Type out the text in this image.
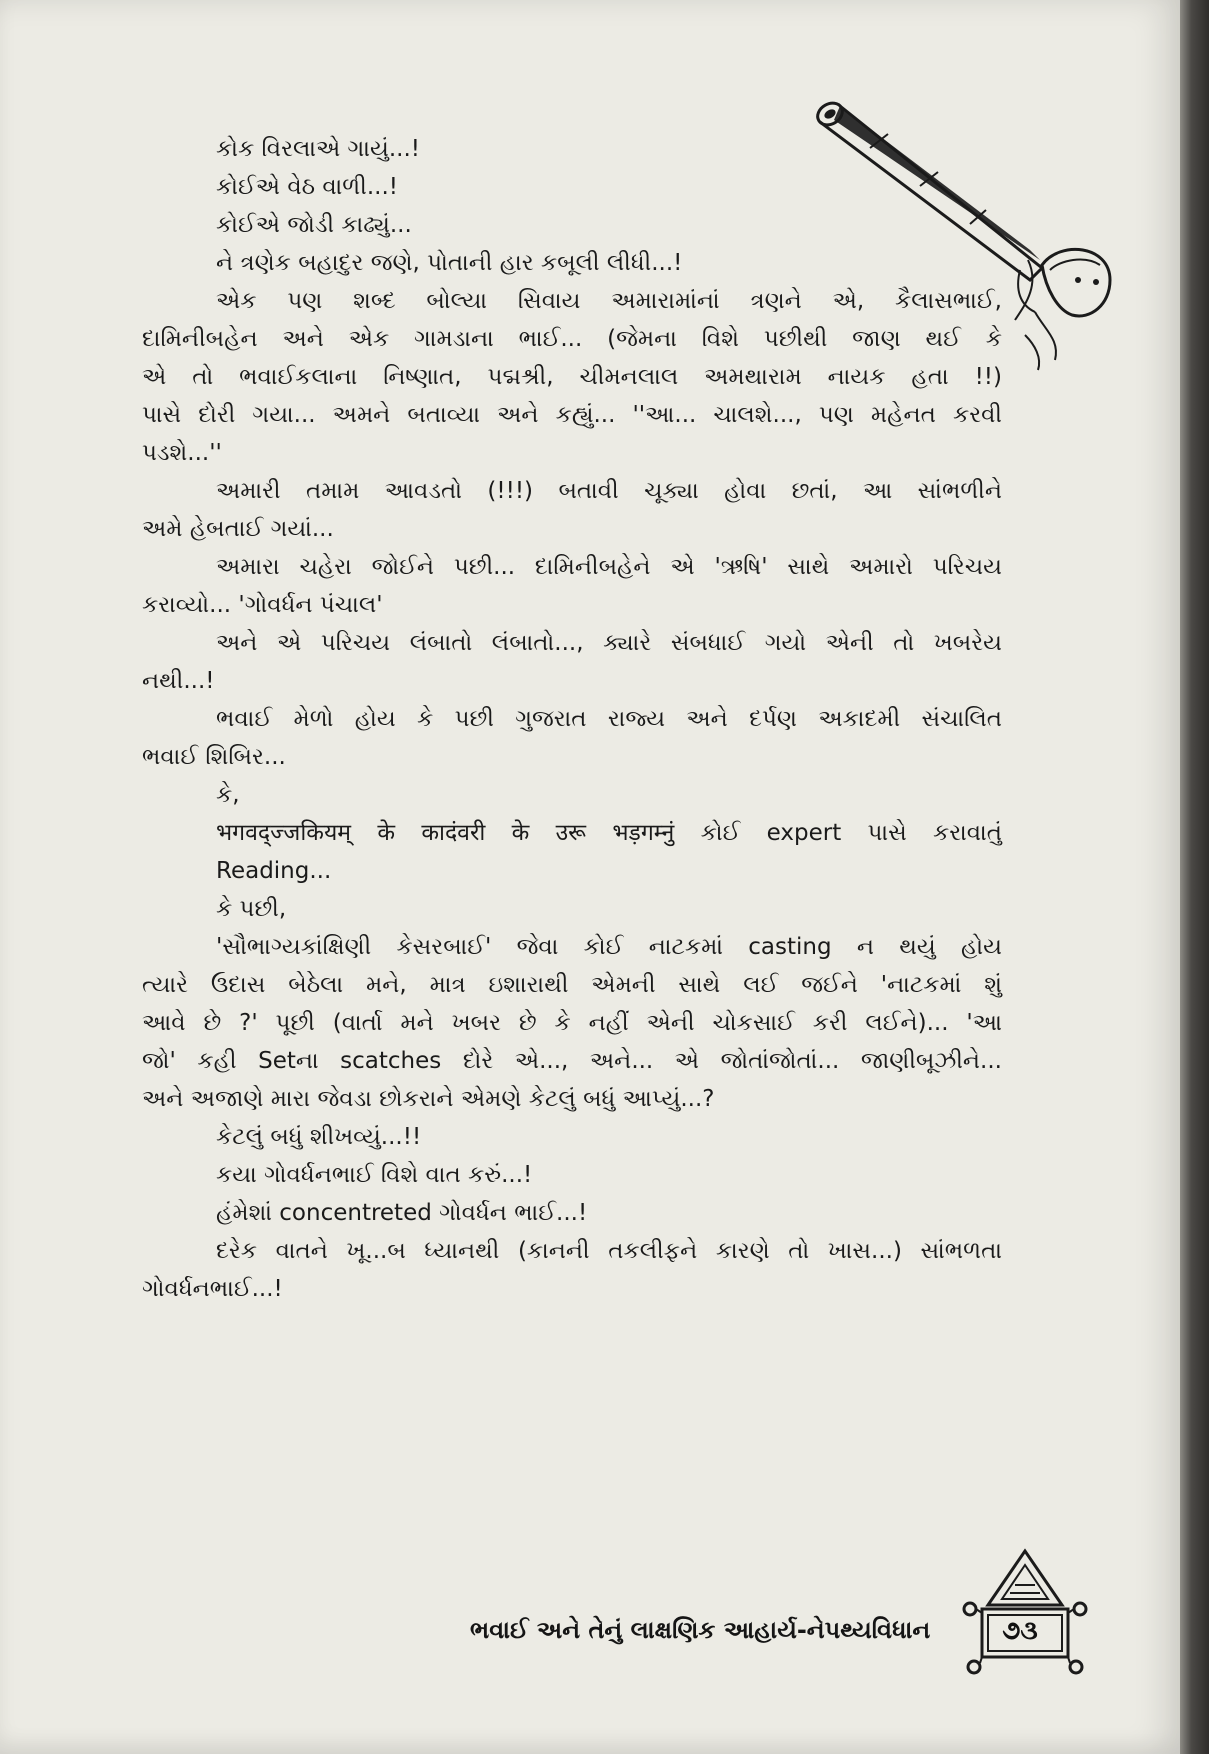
કોક વિરલાએ ગાયું...!
કોઈએ વેઠ વાળી...!
કોઈએ જોડી કાઢ્યું...
ને ત્રણેક બહાદુર જણે, પોતાની હાર કબૂલી લીધી...!
એક પણ શબ્દ બોલ્યા સિવાય અમારામાંનાં ત્રણને એ, કૈલાસભાઈ,
દામિનીબહેન અને એક ગામડાના ભાઈ... (જેમના વિશે પછીથી જાણ થઈ કે
એ તો ભવાઈકલાના નિષ્ણાત, પદ્મશ્રી, ચીમનલાલ અમથારામ નાયક હતા !!)
પાસે દોરી ગયા... અમને બતાવ્યા અને કહ્યું... ''આ... ચાલશે..., પણ મહેનત કરવી
પડશે...''
અમારી તમામ આવડતો (!!!) બતાવી ચૂક્યા હોવા છતાં, આ સાંભળીને
અમે હેબતાઈ ગયાં...
અમારા ચહેરા જોઈને પછી... દામિનીબહેને એ 'ઋષિ' સાથે અમારો પરિચય
કરાવ્યો... 'ગોવર્ધન પંચાલ'
અને એ પરિચય લંબાતો લંબાતો..., ક્યારે સંબધાઈ ગયો એની તો ખબરેય
નથી...!
ભવાઈ મેળો હોય કે પછી ગુજરાત રાજ્ય અને દર્પણ અકાદમી સંચાલિત
ભવાઈ શિબિર...
કે,
भगवद्ज्जकियम् के कादंवरी के उरू भड़गम्नुं કોઈ expert પાસે કરાવાતું
Reading...
કે પછી,
'સૌભાગ્યકાંક્ષિણી કેસરબાઈ' જેવા કોઈ નાટકમાં casting ન થયું હોય
ત્યારે ઉદાસ બેઠેલા મને, માત્ર ઇશારાથી એમની સાથે લઈ જઈને 'નાટકમાં શું
આવે છે ?' પૂછી (વાર્તા મને ખબર છે કે નહીં એની ચોકસાઈ કરી લઈને)... 'આ
જો' કહી Setના scatches દોરે એ..., અને... એ જોતાંજોતાં... જાણીબૂઝીને...
અને અજાણે મારા જેવડા છોકરાને એમણે કેટલું બધું આપ્યું...?
કેટલું બધું શીખવ્યું...!!
કયા ગોવર્ધનભાઈ વિશે વાત કરું...!
હંમેશાં concentreted ગોવર્ધન ભાઈ...!
દરેક વાતને ખૂ...બ ધ્યાનથી (કાનની તકલીફને કારણે તો ખાસ...) સાંભળતા
ગોવર્ધનભાઈ...!
ભવાઈ અને તેનું લાક્ષણિક આહાર્ય-નેપથ્યવિધાન	૭૩
